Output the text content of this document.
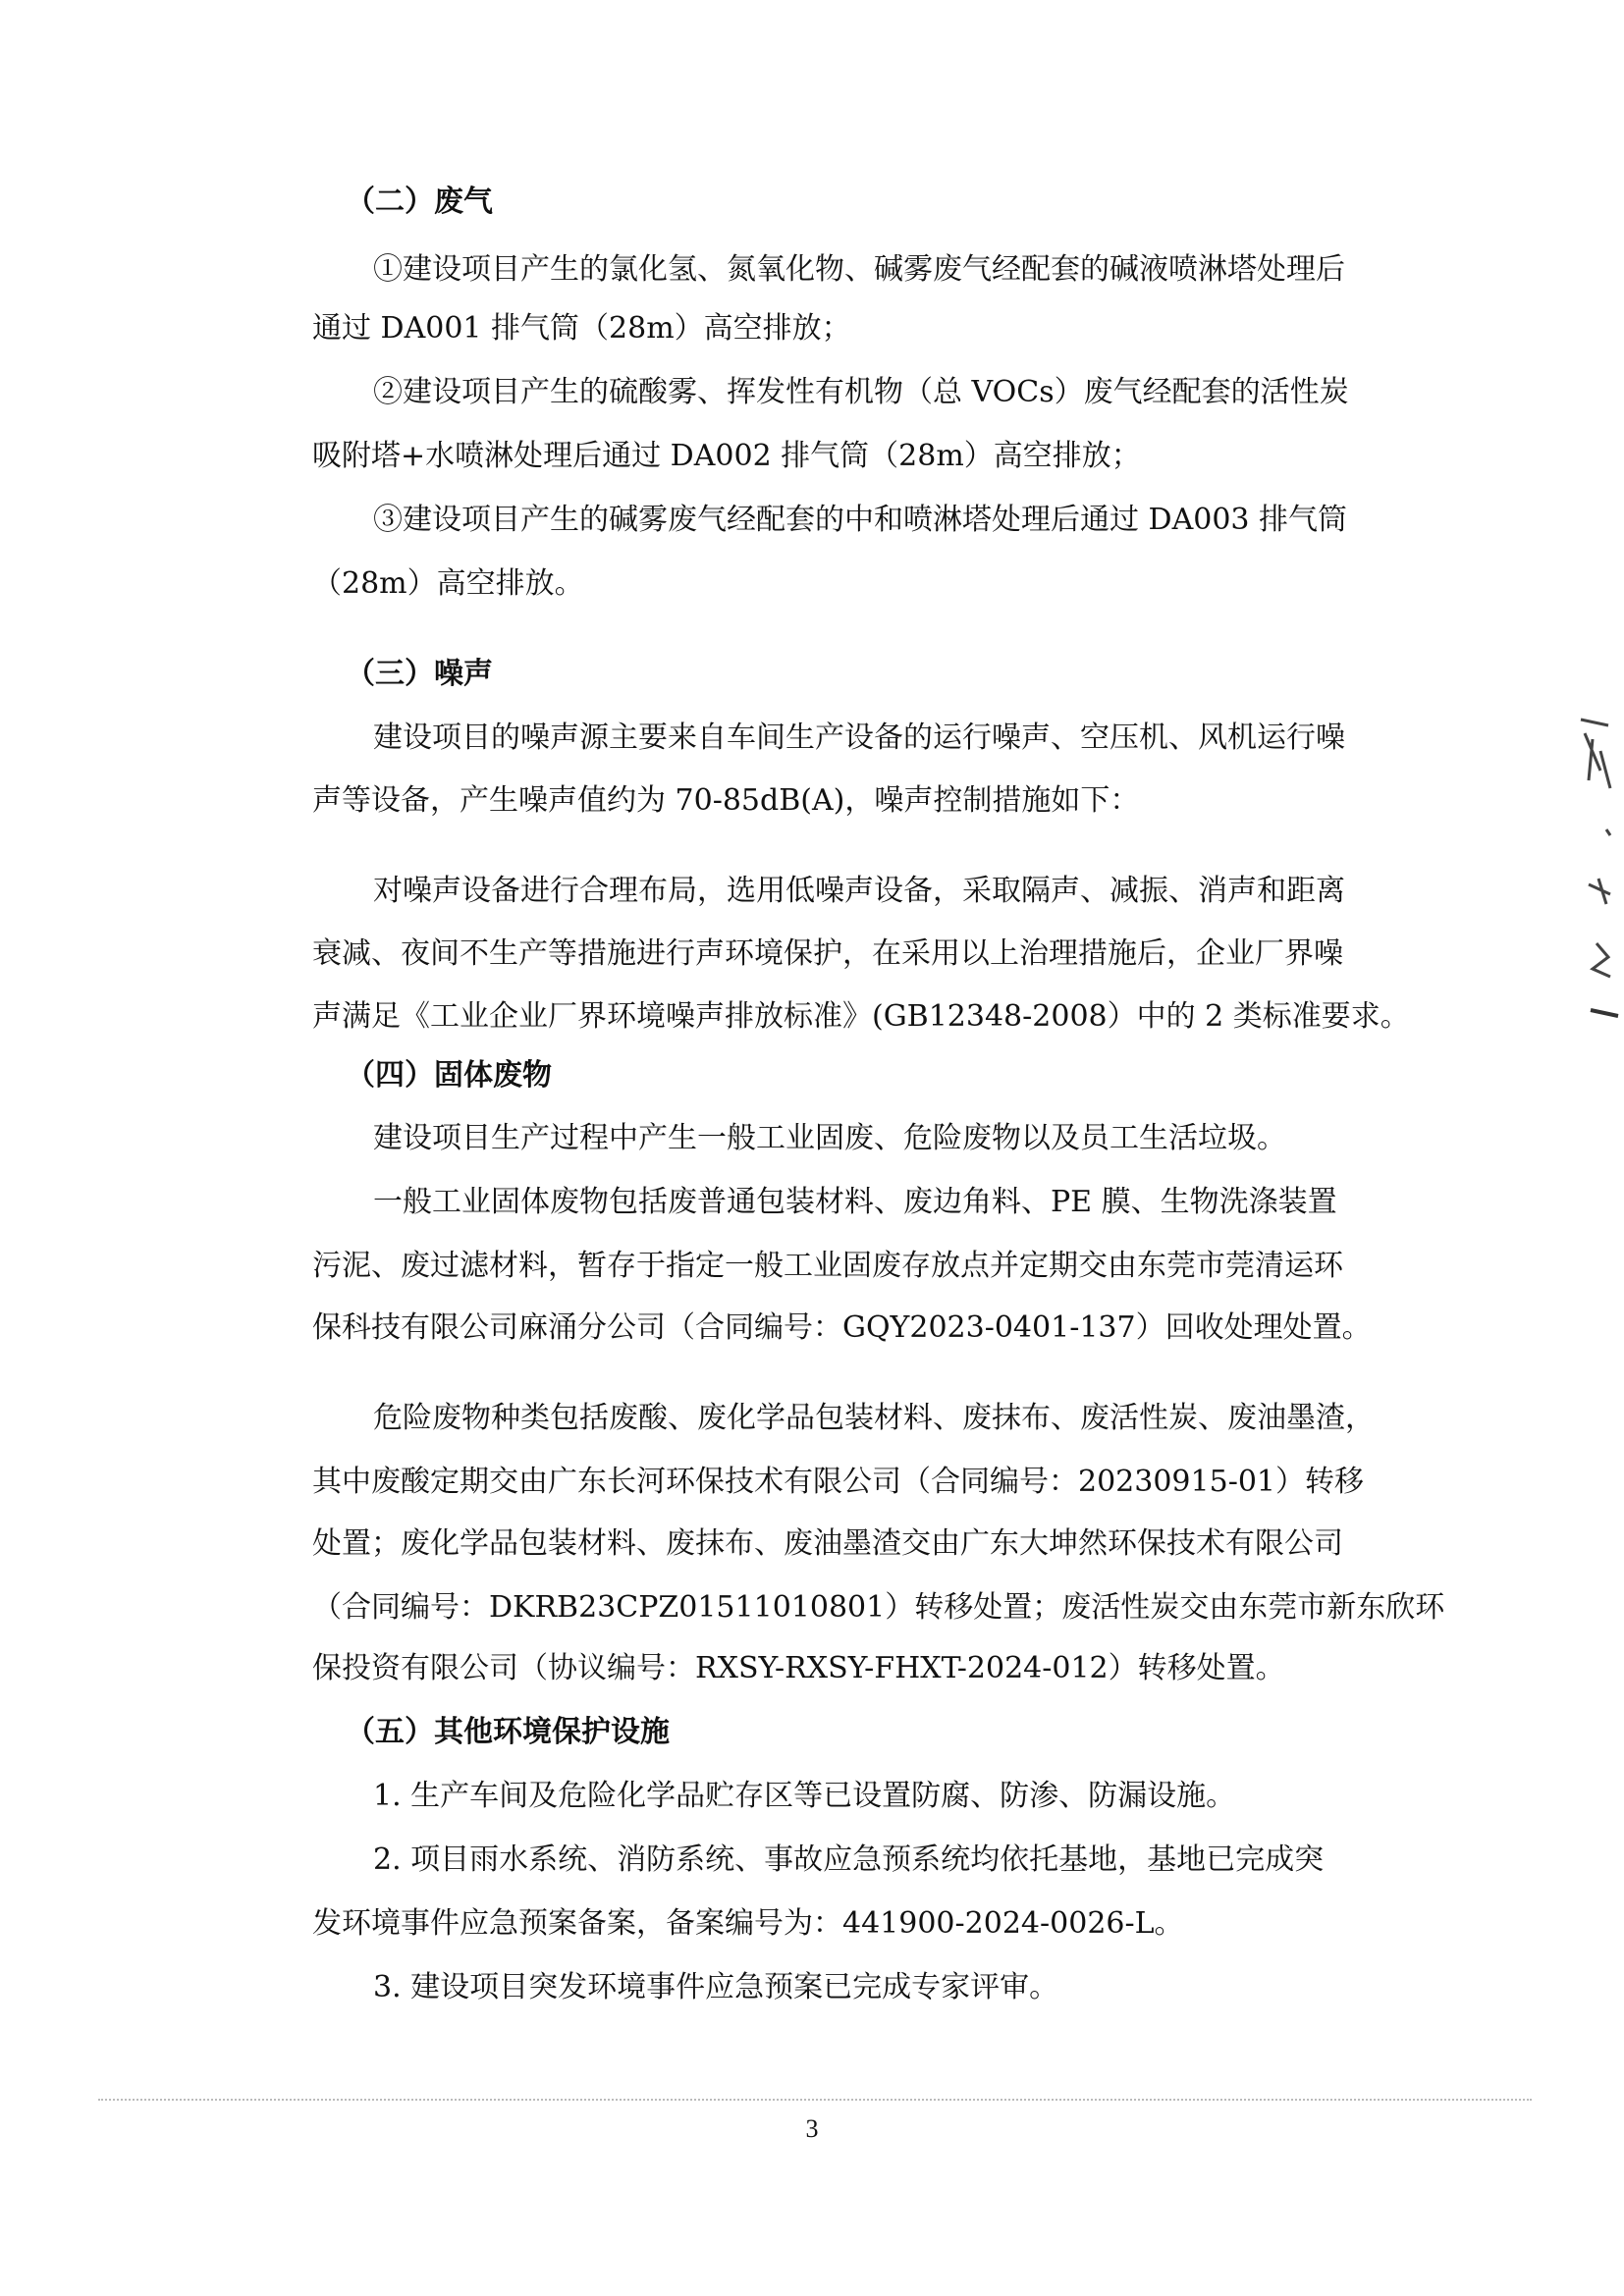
（二）废气
①建设项目产生的氯化氢、氮氧化物、碱雾废气经配套的碱液喷淋塔处理后
通过 DA001 排气筒（28m）高空排放；
②建设项目产生的硫酸雾、挥发性有机物（总 VOCs）废气经配套的活性炭
吸附塔+水喷淋处理后通过 DA002 排气筒（28m）高空排放；
③建设项目产生的碱雾废气经配套的中和喷淋塔处理后通过 DA003 排气筒
（28m）高空排放。
（三）噪声
建设项目的噪声源主要来自车间生产设备的运行噪声、空压机、风机运行噪
声等设备，产生噪声值约为 70-85dB(A)，噪声控制措施如下：
对噪声设备进行合理布局，选用低噪声设备，采取隔声、减振、消声和距离
衰减、夜间不生产等措施进行声环境保护，在采用以上治理措施后，企业厂界噪
声满足《工业企业厂界环境噪声排放标准》(GB12348-2008）中的 2 类标准要求。
（四）固体废物
建设项目生产过程中产生一般工业固废、危险废物以及员工生活垃圾。
一般工业固体废物包括废普通包装材料、废边角料、PE 膜、生物洗涤装置
污泥、废过滤材料，暂存于指定一般工业固废存放点并定期交由东莞市莞清运环
保科技有限公司麻涌分公司（合同编号：GQY2023-0401-137）回收处理处置。
危险废物种类包括废酸、废化学品包装材料、废抹布、废活性炭、废油墨渣，
其中废酸定期交由广东长河环保技术有限公司（合同编号：20230915-01）转移
处置；废化学品包装材料、废抹布、废油墨渣交由广东大坤然环保技术有限公司
（合同编号：DKRB23CPZ01511010801）转移处置；废活性炭交由东莞市新东欣环
保投资有限公司（协议编号：RXSY-RXSY-FHXT-2024-012）转移处置。
（五）其他环境保护设施
1. 生产车间及危险化学品贮存区等已设置防腐、防渗、防漏设施。
2. 项目雨水系统、消防系统、事故应急预系统均依托基地，基地已完成突
发环境事件应急预案备案，备案编号为：441900-2024-0026-L。
3. 建设项目突发环境事件应急预案已完成专家评审。
3
